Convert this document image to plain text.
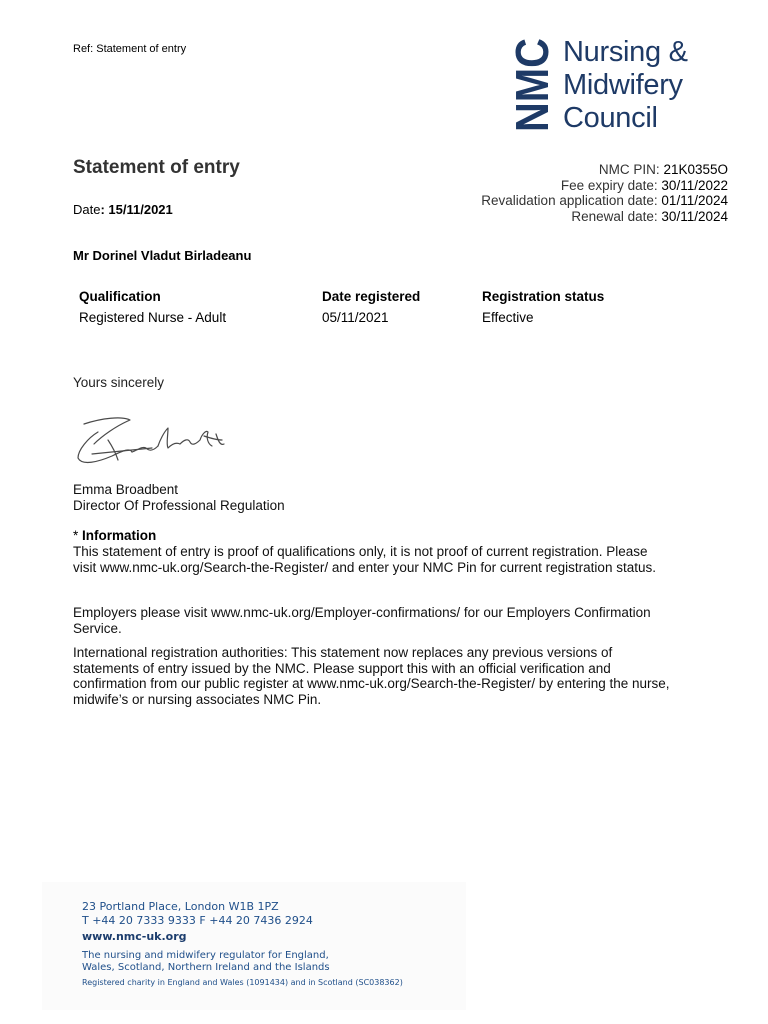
Ref: Statement of entry	NMC Nursing &
Midwifery
Council
Statement of entry
Date: 15/11/2021
NMC PIN: 21K0355O
Fee expiry date: 30/11/2022
Revalidation application date: 01/11/2024
Renewal date: 30/11/2024
Mr Dorinel Vladut Birladeanu
Qualification	Date registered	Registration status
Registered Nurse - Adult	05/11/2021	Effective
Yours sincerely
Emma Broadbent
Director Of Professional Regulation
* Information
This statement of entry is proof of qualifications only, it is not proof of current registration. Please visit www.nmc-uk.org/Search-the-Register/ and enter your NMC Pin for current registration status.
Employers please visit www.nmc-uk.org/Employer-confirmations/ for our Employers Confirmation Service.
International registration authorities: This statement now replaces any previous versions of statements of entry issued by the NMC. Please support this with an official verification and confirmation from our public register at www.nmc-uk.org/Search-the-Register/ by entering the nurse, midwife’s or nursing associates NMC Pin.
23 Portland Place, London W1B 1PZ
T +44 20 7333 9333 F +44 20 7436 2924
www.nmc-uk.org
The nursing and midwifery regulator for England,
Wales, Scotland, Northern Ireland and the Islands
Registered charity in England and Wales (1091434) and in Scotland (SC038362)
